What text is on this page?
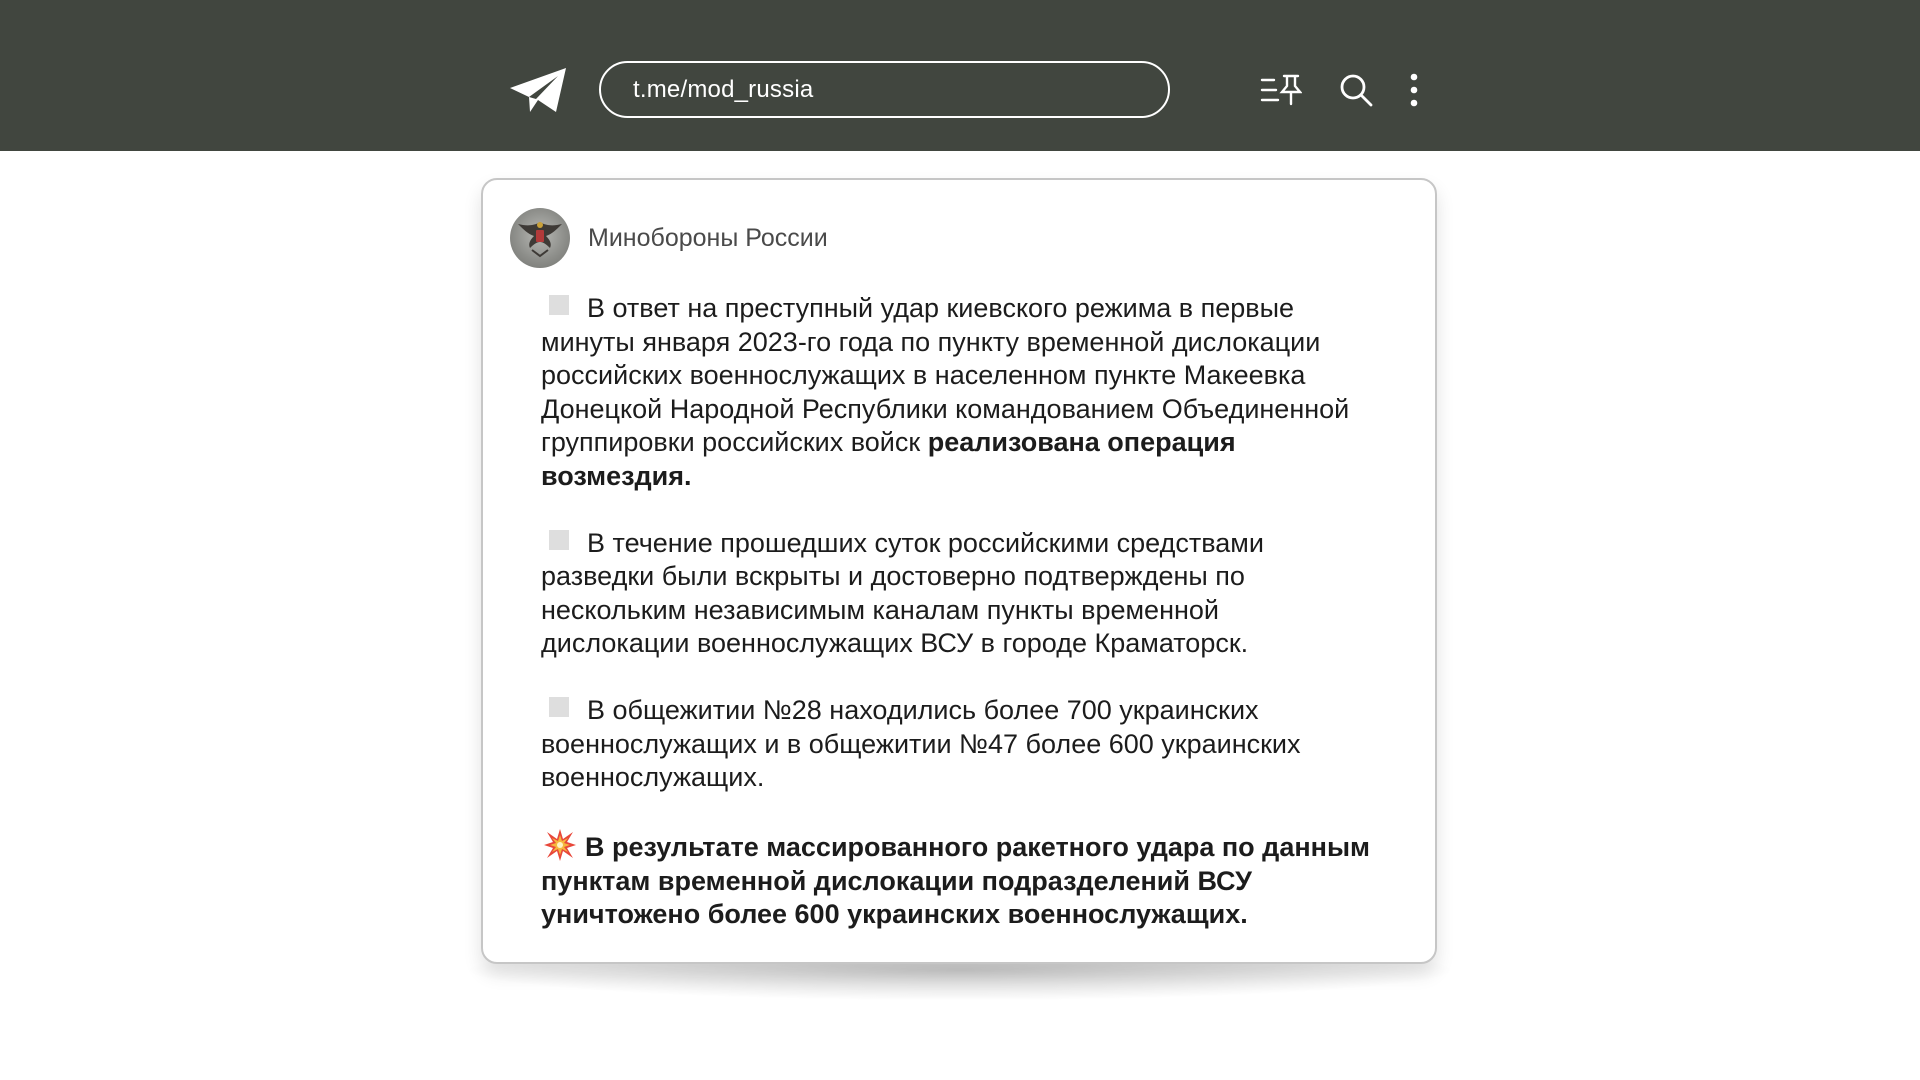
t.me/mod_russia
Минобороны России
В ответ на преступный удар киевского режима в первые
минуты января 2023-го года по пункту временной дислокации
российских военнослужащих в населенном пункте Макеевка
Донецкой Народной Республики командованием Объединенной
группировки российских войск реализована операция
возмездия.
В течение прошедших суток российскими средствами
разведки были вскрыты и достоверно подтверждены по
нескольким независимым каналам пункты временной
дислокации военнослужащих ВСУ в городе Краматорск.
В общежитии №28 находились более 700 украинских
военнослужащих и в общежитии №47 более 600 украинских
военнослужащих.
В результате массированного ракетного удара по данным
пунктам временной дислокации подразделений ВСУ
уничтожено более 600 украинских военнослужащих.
